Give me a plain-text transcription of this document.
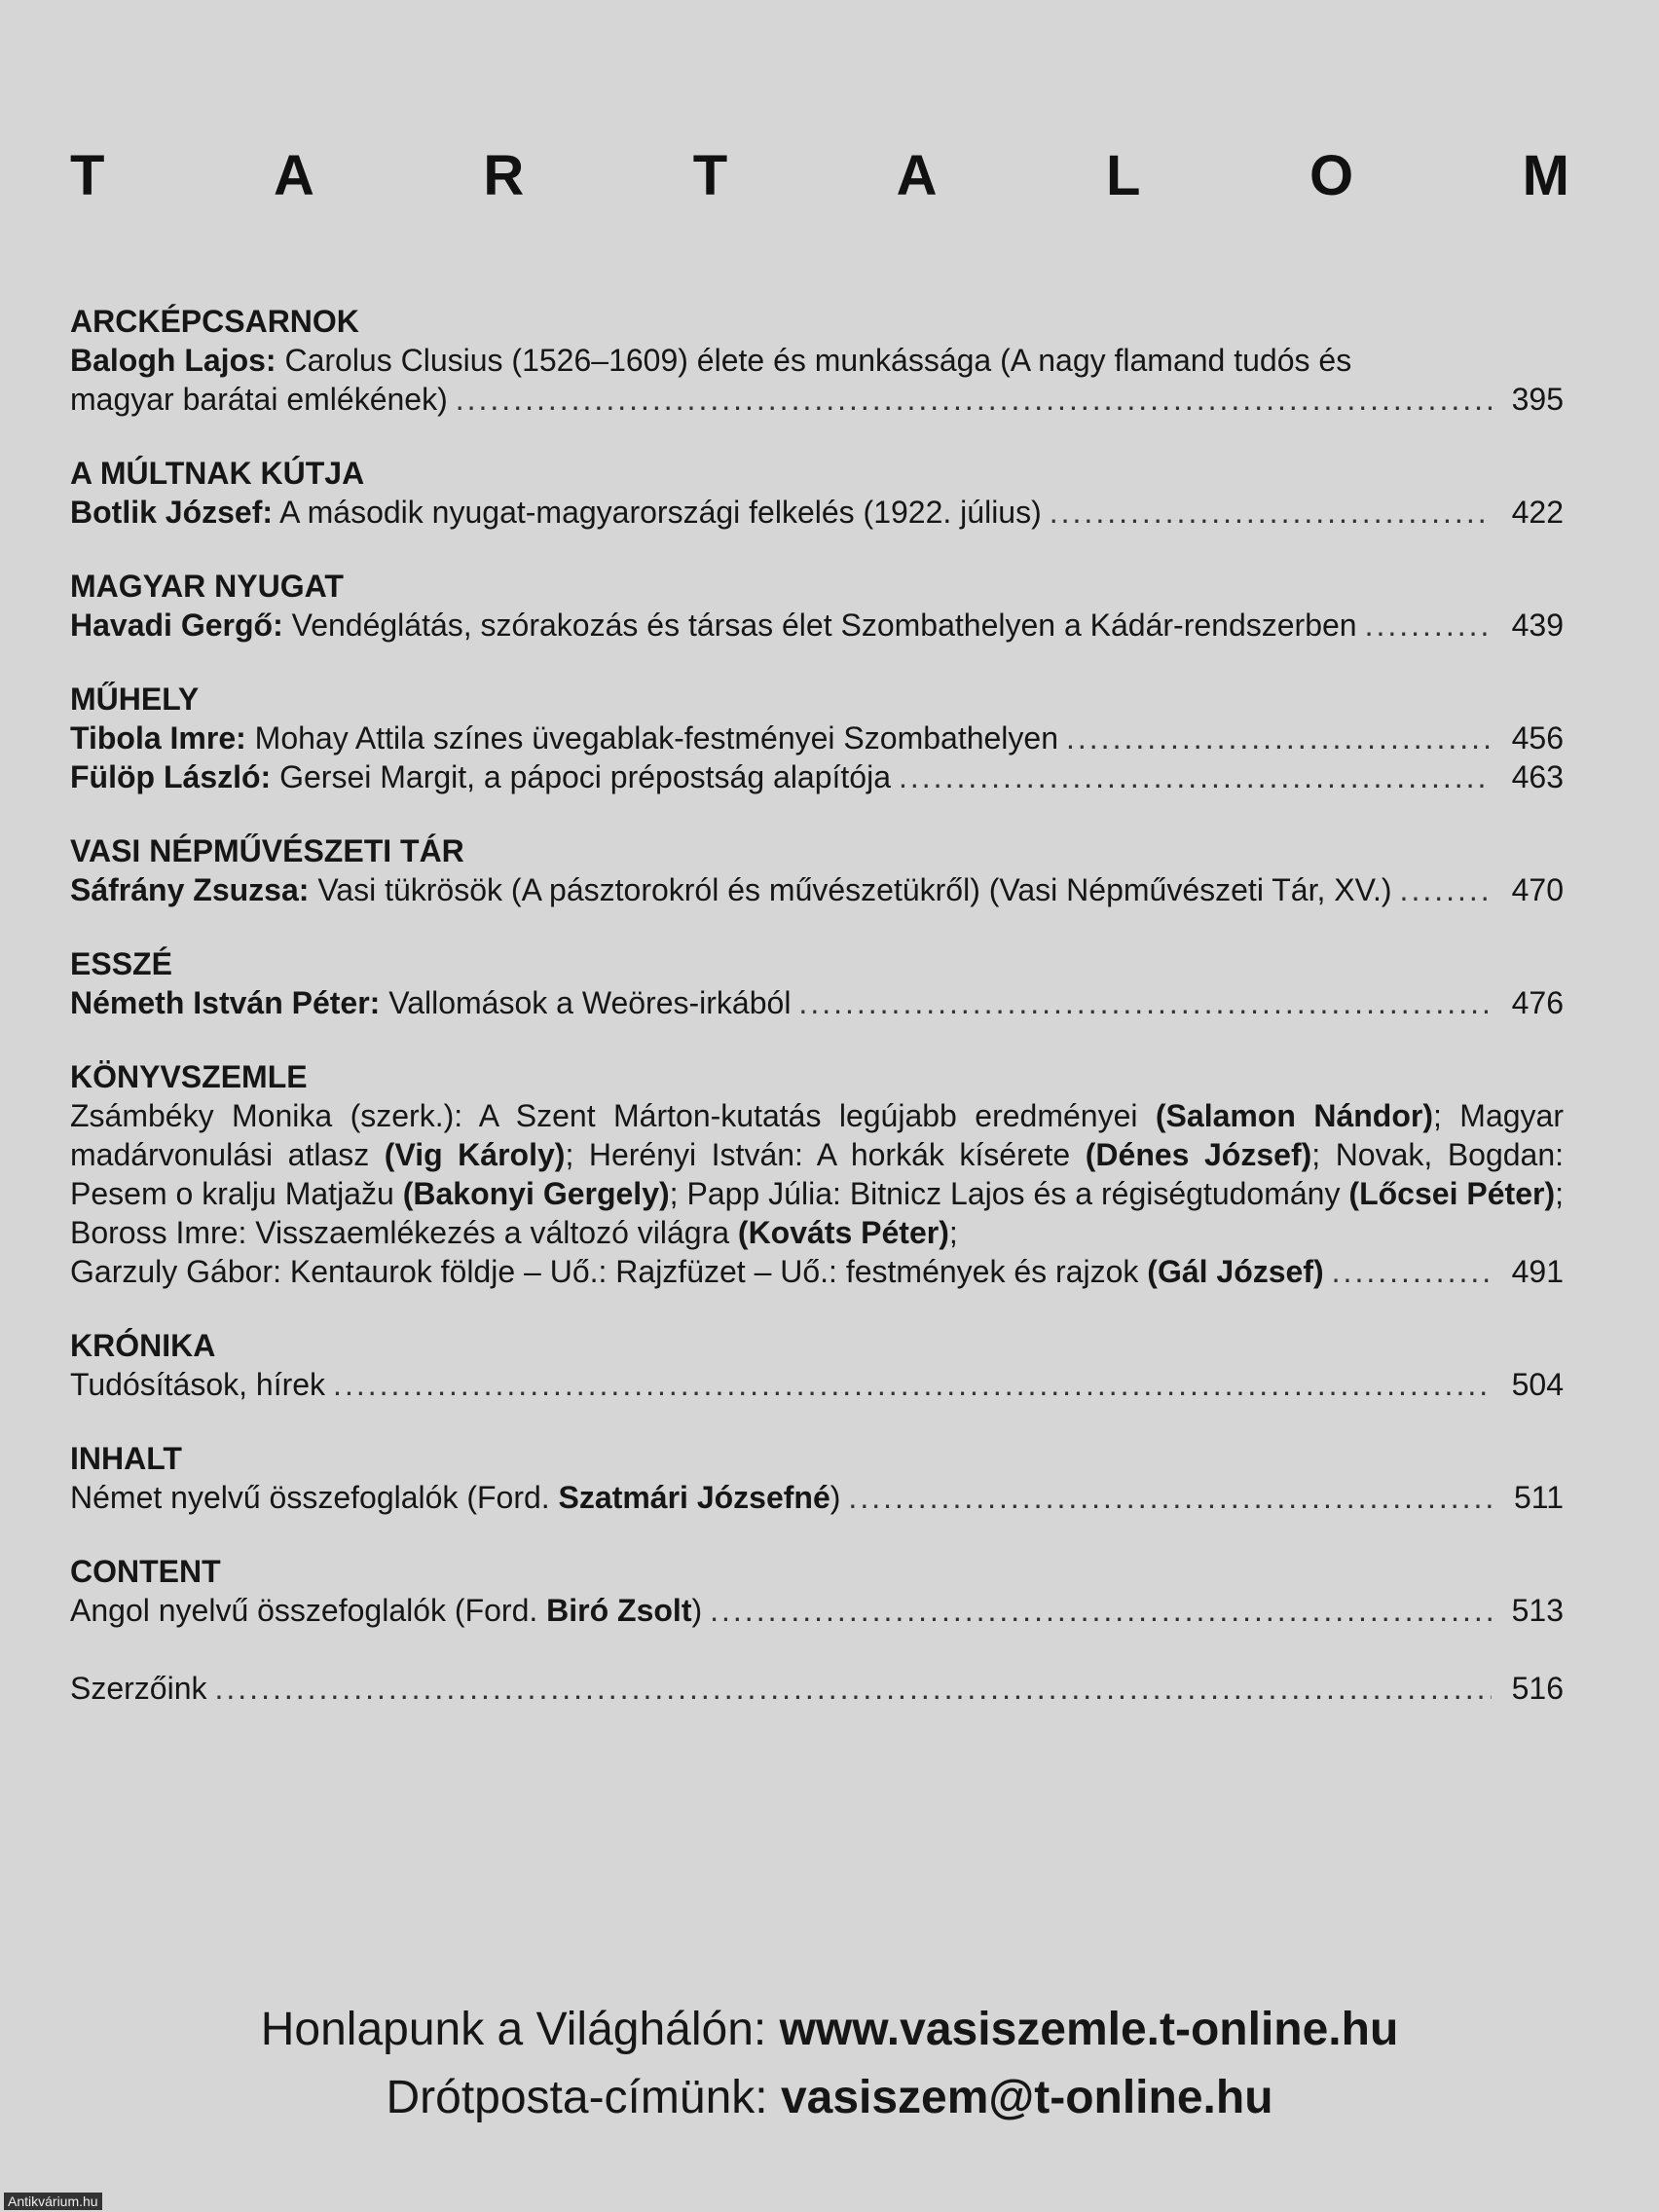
T	A	R	T	A	L	O	M
ARCKÉPCSARNOK
Balogh Lajos: Carolus Clusius (1526–1609) élete és munkássága (A nagy flamand tudós és
magyar barátai emlékének) .....	395
A MÚLTNAK KÚTJA
Botlik József: A második nyugat-magyarországi felkelés (1922. július) .....	422
MAGYAR NYUGAT
Havadi Gergő: Vendéglátás, szórakozás és társas élet Szombathelyen a Kádár-rendszerben .....	439
MŰHELY
Tibola Imre: Mohay Attila színes üvegablak-festményei Szombathelyen .....	456
Fülöp László: Gersei Margit, a pápoci prépostság alapítója .....	463
VASI NÉPMŰVÉSZETI TÁR
Sáfrány Zsuzsa: Vasi tükrösök (A pásztorokról és művészetükről) (Vasi Népművészeti Tár, XV.) .....	470
ESSZÉ
Németh István Péter: Vallomások a Weöres-irkából .....	476
KÖNYVSZEMLE
Zsámbéky Monika (szerk.): A Szent Márton-kutatás legújabb eredményei (Salamon Nándor); Magyar madárvonulási atlasz (Vig Károly); Herényi István: A horkák kísérete (Dénes József); Novak, Bogdan: Pesem o kralju Matjažu (Bakonyi Gergely); Papp Júlia: Bitnicz Lajos és a régiségtudomány (Lőcsei Péter); Boross Imre: Visszaemlékezés a változó világra (Kováts Péter);
Garzuly Gábor: Kentaurok földje – Uő.: Rajzfüzet – Uő.: festmények és rajzok (Gál József) .....	491
KRÓNIKA
Tudósítások, hírek .....	504
INHALT
Német nyelvű összefoglalók (Ford. Szatmári Józsefné) .....	511
CONTENT
Angol nyelvű összefoglalók (Ford. Biró Zsolt) .....	513
Szerzőink .....	516
Honlapunk a Világhálón: www.vasiszemle.t-online.hu
Drótposta-címünk: vasiszem@t-online.hu
Antikvárium.hu
